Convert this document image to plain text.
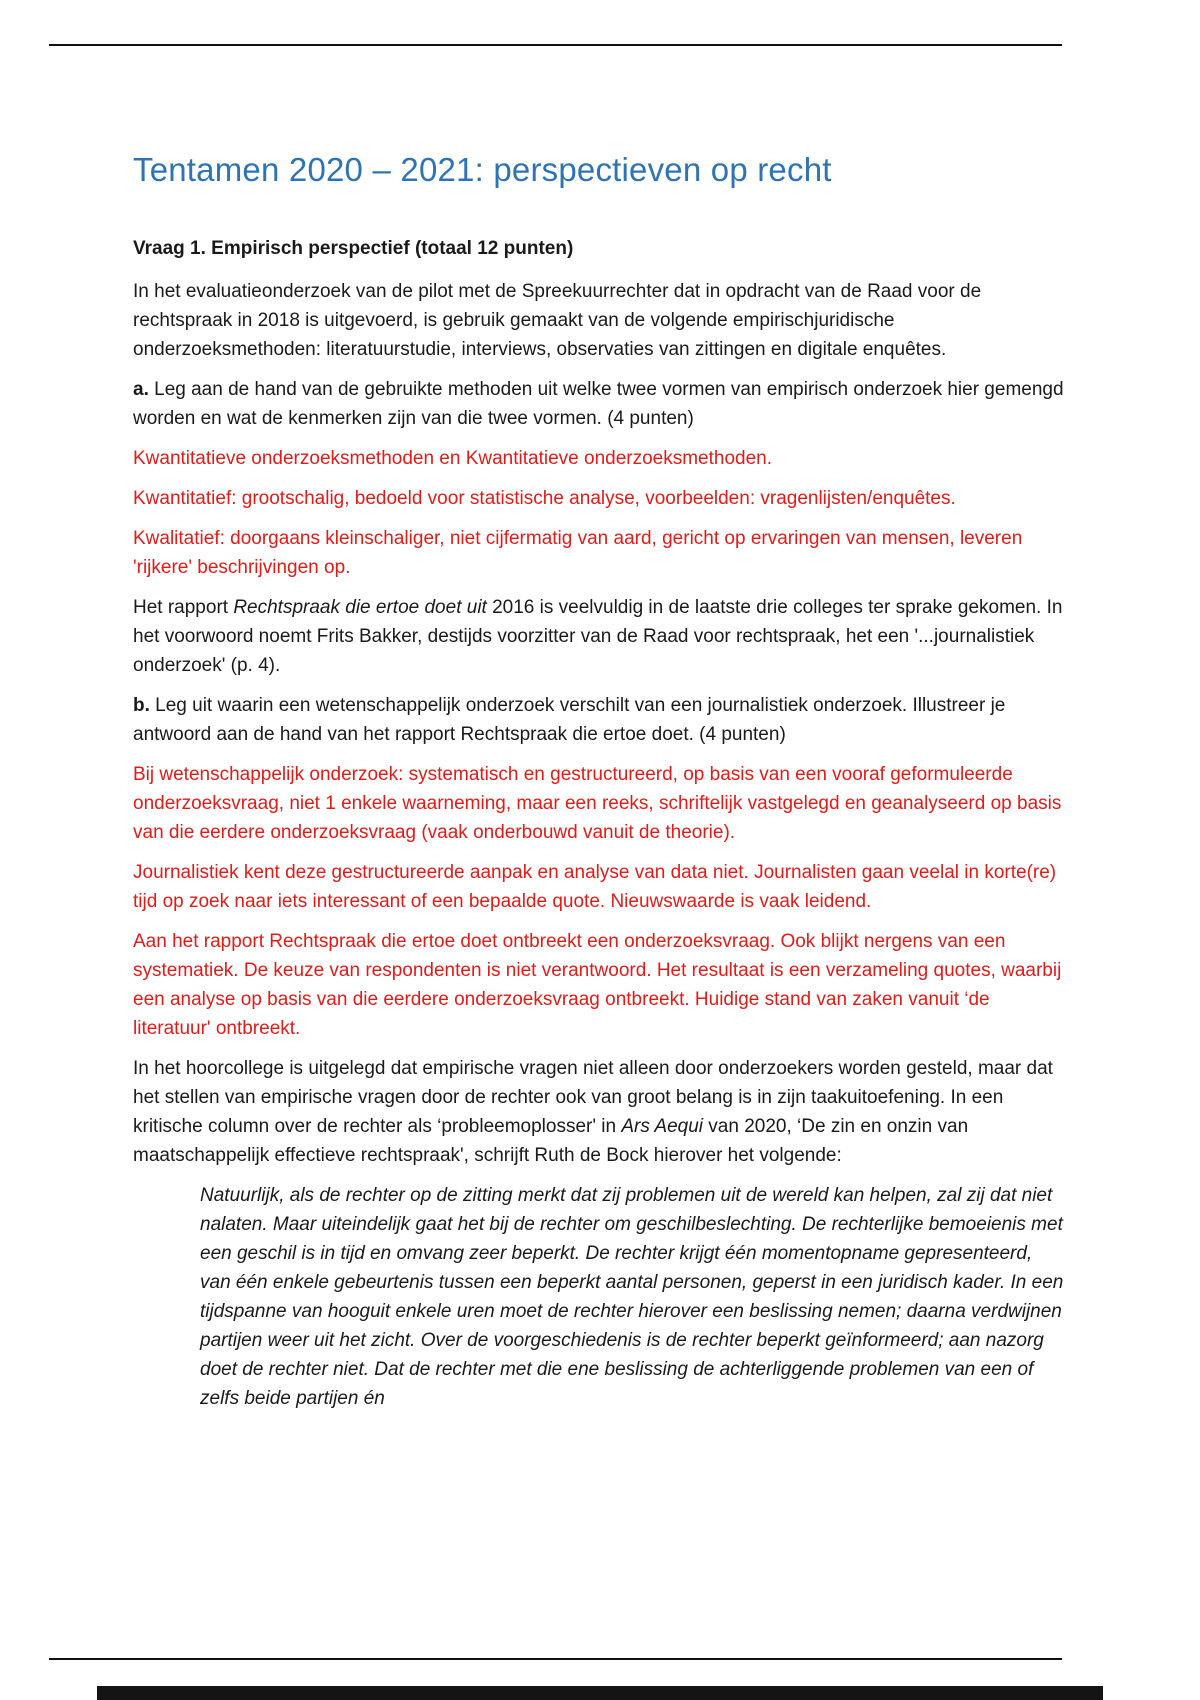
Tentamen 2020 – 2021: perspectieven op recht

Vraag 1. Empirisch perspectief (totaal 12 punten)

In het evaluatieonderzoek van de pilot met de Spreekuurrechter dat in opdracht van de Raad voor de rechtspraak in 2018 is uitgevoerd, is gebruik gemaakt van de volgende empirischjuridische onderzoeksmethoden: literatuurstudie, interviews, observaties van zittingen en digitale enquêtes.

a. Leg aan de hand van de gebruikte methoden uit welke twee vormen van empirisch onderzoek hier gemengd worden en wat de kenmerken zijn van die twee vormen. (4 punten)

Kwantitatieve onderzoeksmethoden en Kwantitatieve onderzoeksmethoden.

Kwantitatief: grootschalig, bedoeld voor statistische analyse, voorbeelden: vragenlijsten/enquêtes.

Kwalitatief: doorgaans kleinschaliger, niet cijfermatig van aard, gericht op ervaringen van mensen, leveren 'rijkere' beschrijvingen op.

Het rapport Rechtspraak die ertoe doet uit 2016 is veelvuldig in de laatste drie colleges ter sprake gekomen. In het voorwoord noemt Frits Bakker, destijds voorzitter van de Raad voor rechtspraak, het een '...journalistiek onderzoek' (p. 4).

b. Leg uit waarin een wetenschappelijk onderzoek verschilt van een journalistiek onderzoek. Illustreer je antwoord aan de hand van het rapport Rechtspraak die ertoe doet. (4 punten)

Bij wetenschappelijk onderzoek: systematisch en gestructureerd, op basis van een vooraf geformuleerde onderzoeksvraag, niet 1 enkele waarneming, maar een reeks, schriftelijk vastgelegd en geanalyseerd op basis van die eerdere onderzoeksvraag (vaak onderbouwd vanuit de theorie).

Journalistiek kent deze gestructureerde aanpak en analyse van data niet. Journalisten gaan veelal in korte(re) tijd op zoek naar iets interessant of een bepaalde quote. Nieuwswaarde is vaak leidend.

Aan het rapport Rechtspraak die ertoe doet ontbreekt een onderzoeksvraag. Ook blijkt nergens van een systematiek. De keuze van respondenten is niet verantwoord. Het resultaat is een verzameling quotes, waarbij een analyse op basis van die eerdere onderzoeksvraag ontbreekt. Huidige stand van zaken vanuit ‘de literatuur' ontbreekt.

In het hoorcollege is uitgelegd dat empirische vragen niet alleen door onderzoekers worden gesteld, maar dat het stellen van empirische vragen door de rechter ook van groot belang is in zijn taakuitoefening. In een kritische column over de rechter als ‘probleemoplosser' in Ars Aequi van 2020, ‘De zin en onzin van maatschappelijk effectieve rechtspraak', schrijft Ruth de Bock hierover het volgende:

Natuurlijk, als de rechter op de zitting merkt dat zij problemen uit de wereld kan helpen, zal zij dat niet nalaten. Maar uiteindelijk gaat het bij de rechter om geschilbeslechting. De rechterlijke bemoeienis met een geschil is in tijd en omvang zeer beperkt. De rechter krijgt één momentopname gepresenteerd, van één enkele gebeurtenis tussen een beperkt aantal personen, geperst in een juridisch kader. In een tijdspanne van hooguit enkele uren moet de rechter hierover een beslissing nemen; daarna verdwijnen partijen weer uit het zicht. Over de voorgeschiedenis is de rechter beperkt geïnformeerd; aan nazorg doet de rechter niet. Dat de rechter met die ene beslissing de achterliggende problemen van een of zelfs beide partijen én
